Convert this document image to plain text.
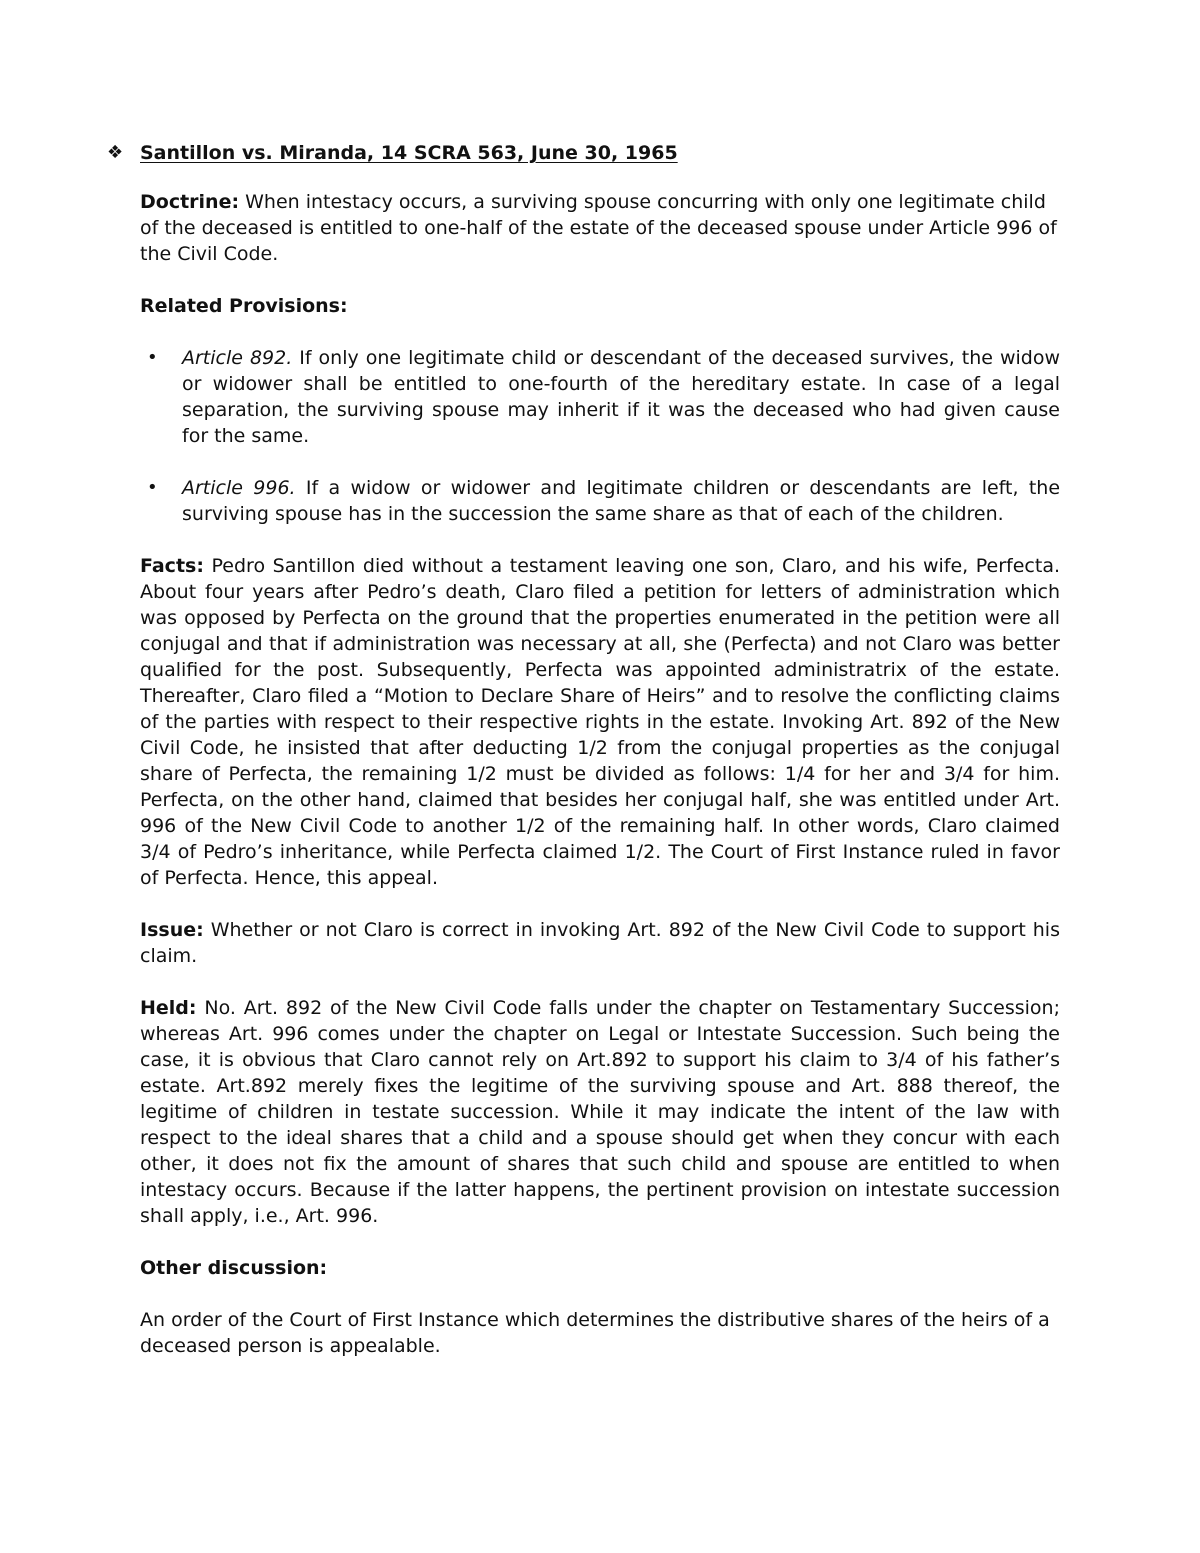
❖ Santillon vs. Miranda, 14 SCRA 563, June 30, 1965

Doctrine: When intestacy occurs, a surviving spouse concurring with only one legitimate child of the deceased is entitled to one-half of the estate of the deceased spouse under Article 996 of the Civil Code.

Related Provisions:
• Article 892. If only one legitimate child or descendant of the deceased survives, the widow or widower shall be entitled to one-fourth of the hereditary estate. In case of a legal separation, the surviving spouse may inherit if it was the deceased who had given cause for the same.
• Article 996. If a widow or widower and legitimate children or descendants are left, the surviving spouse has in the succession the same share as that of each of the children.

Facts: Pedro Santillon died without a testament leaving one son, Claro, and his wife, Perfecta. About four years after Pedro’s death, Claro filed a petition for letters of administration which was opposed by Perfecta on the ground that the properties enumerated in the petition were all conjugal and that if administration was necessary at all, she (Perfecta) and not Claro was better qualified for the post. Subsequently, Perfecta was appointed administratrix of the estate. Thereafter, Claro filed a “Motion to Declare Share of Heirs” and to resolve the conflicting claims of the parties with respect to their respective rights in the estate. Invoking Art. 892 of the New Civil Code, he insisted that after deducting 1/2 from the conjugal properties as the conjugal share of Perfecta, the remaining 1/2 must be divided as follows: 1/4 for her and 3/4 for him. Perfecta, on the other hand, claimed that besides her conjugal half, she was entitled under Art. 996 of the New Civil Code to another 1/2 of the remaining half. In other words, Claro claimed 3/4 of Pedro’s inheritance, while Perfecta claimed 1/2. The Court of First Instance ruled in favor of Perfecta. Hence, this appeal.

Issue: Whether or not Claro is correct in invoking Art. 892 of the New Civil Code to support his claim.

Held: No. Art. 892 of the New Civil Code falls under the chapter on Testamentary Succession; whereas Art. 996 comes under the chapter on Legal or Intestate Succession. Such being the case, it is obvious that Claro cannot rely on Art.892 to support his claim to 3/4 of his father’s estate. Art.892 merely fixes the legitime of the surviving spouse and Art. 888 thereof, the legitime of children in testate succession. While it may indicate the intent of the law with respect to the ideal shares that a child and a spouse should get when they concur with each other, it does not fix the amount of shares that such child and spouse are entitled to when intestacy occurs. Because if the latter happens, the pertinent provision on intestate succession shall apply, i.e., Art. 996.

Other discussion:

An order of the Court of First Instance which determines the distributive shares of the heirs of a deceased person is appealable.
